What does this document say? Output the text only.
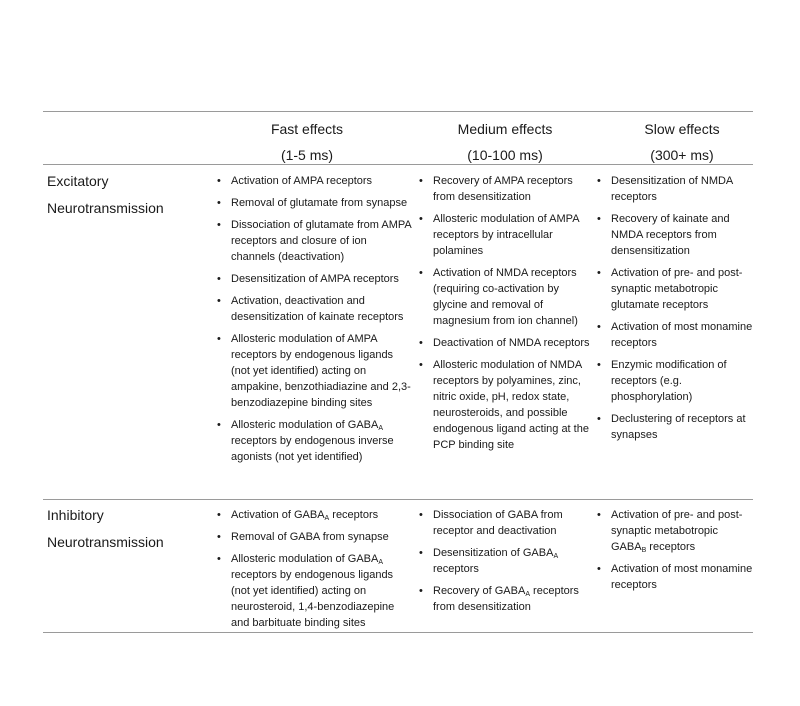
Fast effects
(1-5 ms)
Medium effects
(10-100 ms)
Slow effects
(300+ ms)
Excitatory
Neurotransmission
• Activation of AMPA receptors
• Removal of glutamate from synapse
• Dissociation of glutamate from AMPA receptors and closure of ion channels (deactivation)
• Desensitization of AMPA receptors
• Activation, deactivation and desensitization of kainate receptors
• Allosteric modulation of AMPA receptors by endogenous ligands (not yet identified) acting on ampakine, benzothiadiazine and 2,3-benzodiazepine binding sites
• Allosteric modulation of $GABA_A$ receptors by endogenous inverse agonists (not yet identified)
• Recovery of AMPA receptors from desensitization
• Allosteric modulation of AMPA receptors by intracellular polamines
• Activation of NMDA receptors (requiring co-activation by glycine and removal of magnesium from ion channel)
• Deactivation of NMDA receptors
• Allosteric modulation of NMDA receptors by polyamines, zinc, nitric oxide, pH, redox state, neurosteroids, and possible endogenous ligand acting at the PCP binding site
• Desensitization of NMDA receptors
• Recovery of kainate and NMDA receptors from densensitization
• Activation of pre- and post-synaptic metabotropic glutamate receptors
• Activation of most monamine receptors
• Enzymic modification of receptors (e.g. phosphorylation)
• Declustering of receptors at synapses
Inhibitory
Neurotransmission
• Activation of $GABA_A$ receptors
• Removal of GABA from synapse
• Allosteric modulation of $GABA_A$ receptors by endogenous ligands (not yet identified) acting on neurosteroid, 1,4-benzodiazepine and barbituate binding sites
• Dissociation of GABA from receptor and deactivation
• Desensitization of $GABA_A$ receptors
• Recovery of $GABA_A$ receptors from desensitization
• Activation of pre- and post-synaptic metabotropic $GABA_B$ receptors
• Activation of most monamine receptors
